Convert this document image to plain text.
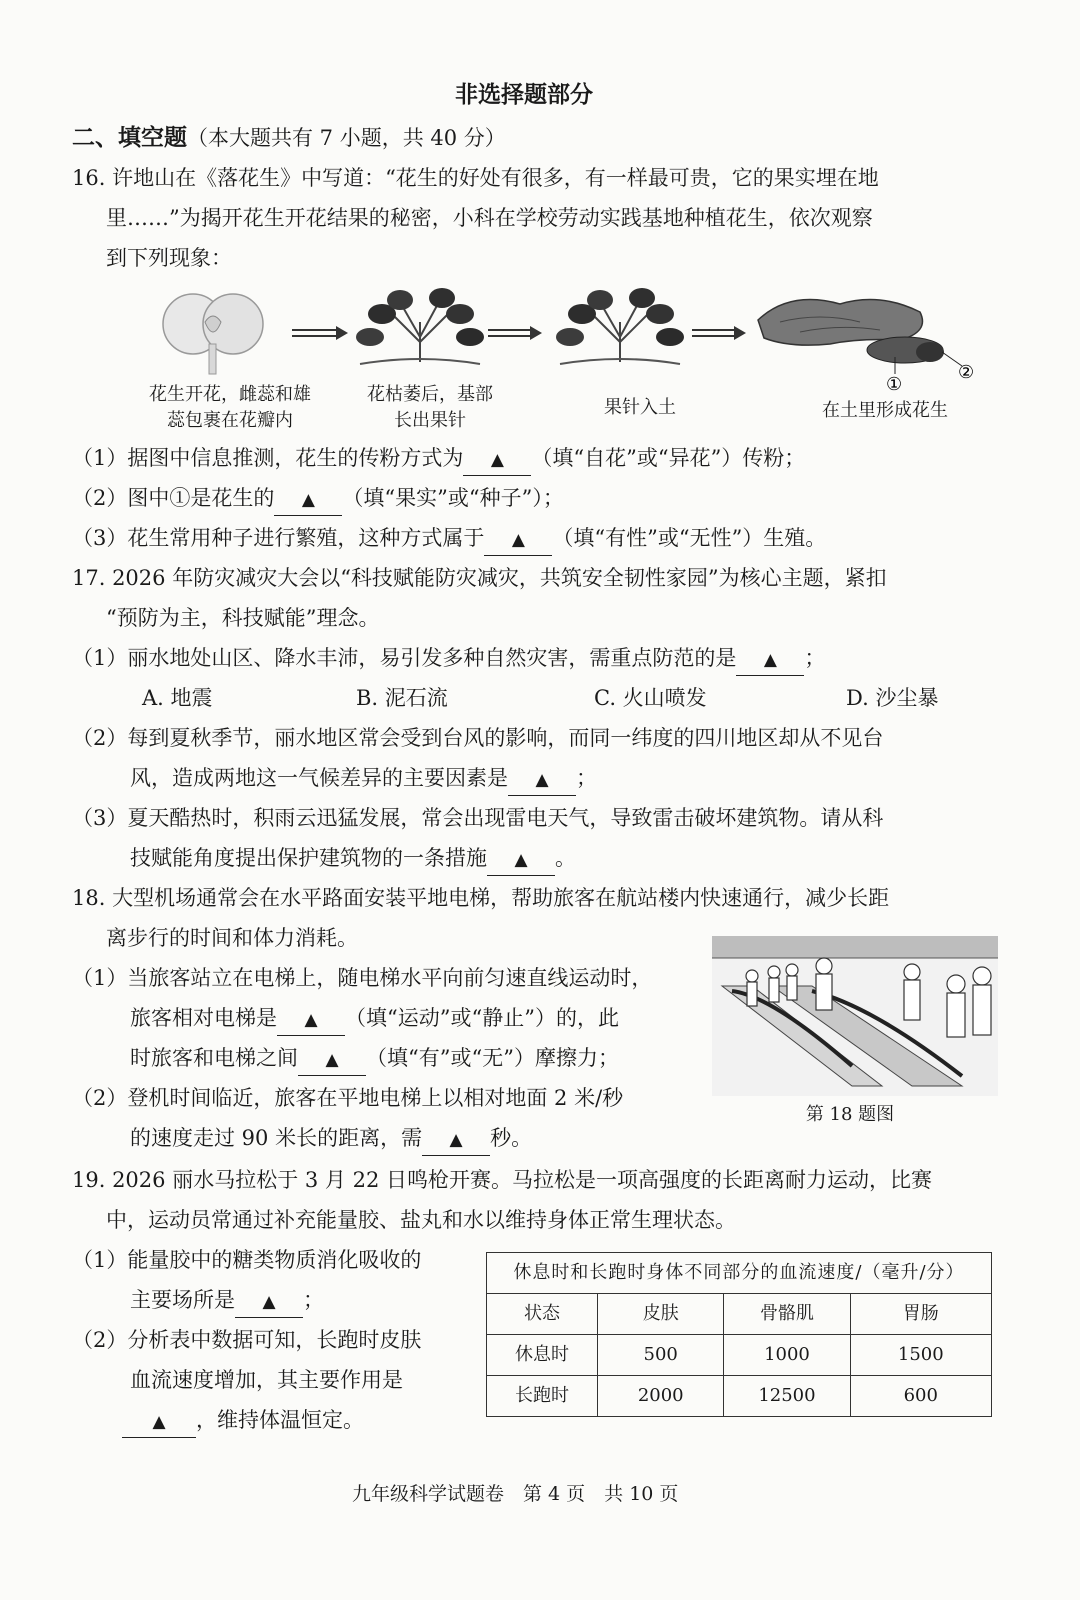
非选择题部分
二、填空题（本大题共有 7 小题，共 40 分）
16. 许地山在《落花生》中写道：“花生的好处有很多，有一样最可贵，它的果实埋在地
里……”为揭开花生开花结果的秘密，小科在学校劳动实践基地种植花生，依次观察
到下列现象：
①
②
花生开花，雌蕊和雄
蕊包裹在花瓣内
花枯萎后，基部
长出果针
果针入土	在土里形成花生
（1）据图中信息推测，花生的传粉方式为 ▲ （填“自花”或“异花”）传粉；
（2）图中①是花生的 ▲ （填“果实”或“种子”）；
（3）花生常用种子进行繁殖，这种方式属于 ▲ （填“有性”或“无性”）生殖。
17. 2026 年防灾减灾大会以“科技赋能防灾减灾，共筑安全韧性家园”为核心主题，紧扣
“预防为主，科技赋能”理念。
（1）丽水地处山区、降水丰沛，易引发多种自然灾害，需重点防范的是 ▲ ；
A. 地震	B. 泥石流	C. 火山喷发	D. 沙尘暴
（2）每到夏秋季节，丽水地区常会受到台风的影响，而同一纬度的四川地区却从不见台
风，造成两地这一气候差异的主要因素是 ▲ ；
（3）夏天酷热时，积雨云迅猛发展，常会出现雷电天气，导致雷击破坏建筑物。请从科
技赋能角度提出保护建筑物的一条措施 ▲ 。
18. 大型机场通常会在水平路面安装平地电梯，帮助旅客在航站楼内快速通行，减少长距
离步行的时间和体力消耗。
（1）当旅客站立在电梯上，随电梯水平向前匀速直线运动时，
旅客相对电梯是 ▲ （填“运动”或“静止”）的，此
时旅客和电梯之间 ▲ （填“有”或“无”）摩擦力；
（2）登机时间临近，旅客在平地电梯上以相对地面 2 米/秒
的速度走过 90 米长的距离，需 ▲ 秒。
第 18 题图
19. 2026 丽水马拉松于 3 月 22 日鸣枪开赛。马拉松是一项高强度的长距离耐力运动，比赛
中，运动员常通过补充能量胶、盐丸和水以维持身体正常生理状态。
（1）能量胶中的糖类物质消化吸收的
主要场所是 ▲ ；
（2）分析表中数据可知，长跑时皮肤
血流速度增加，其主要作用是
▲ ，维持体温恒定。
休息时和长跑时身体不同部分的血流速度/（毫升/分）			
状态	皮肤	骨骼肌	胃肠
休息时	500	1000	1500
长跑时	2000	12500	600
九年级科学试题卷　第 4 页　共 10 页
